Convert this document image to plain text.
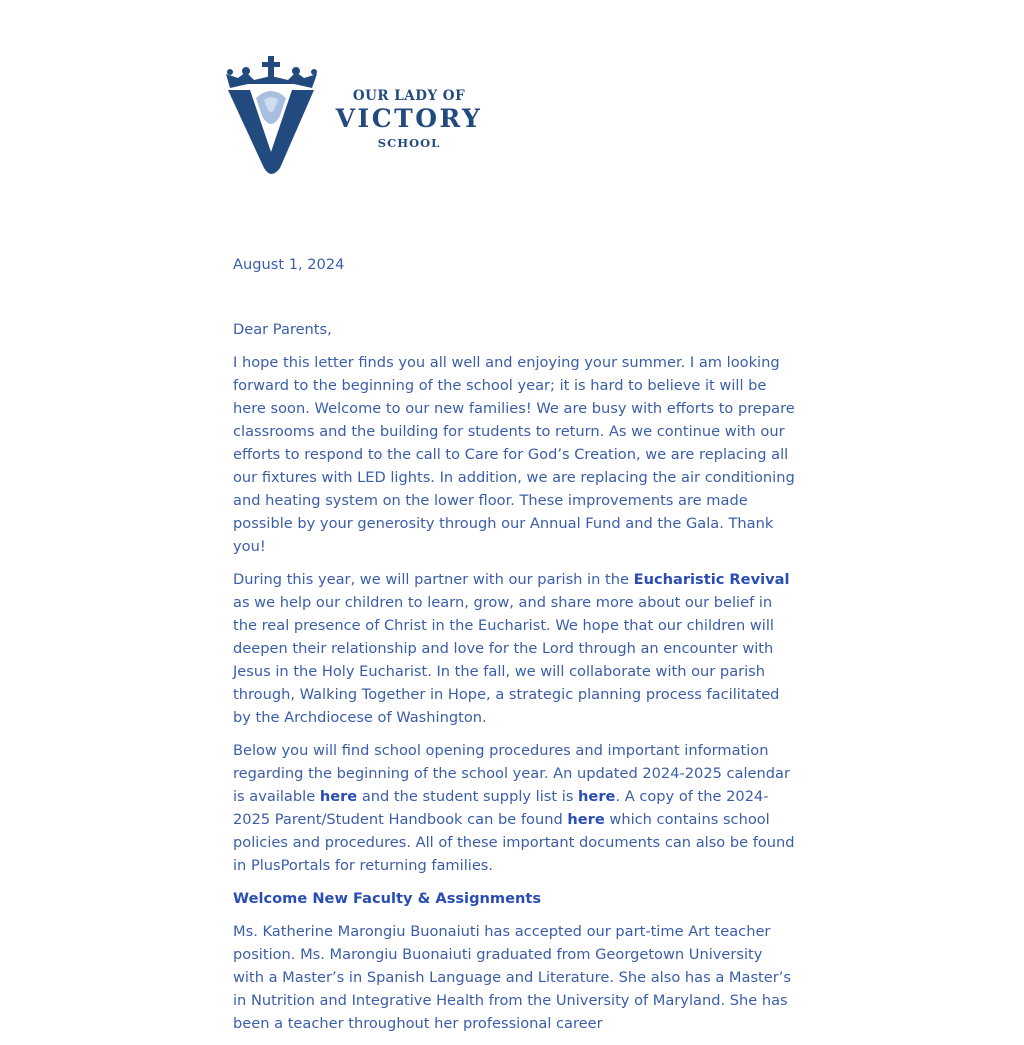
OUR LADY OF
VICTORY
SCHOOL

August 1, 2024

Dear Parents,

I hope this letter finds you all well and enjoying your summer. I am looking forward to the beginning of the school year; it is hard to believe it will be here soon. Welcome to our new families! We are busy with efforts to prepare classrooms and the building for students to return. As we continue with our efforts to respond to the call to Care for God’s Creation, we are replacing all our fixtures with LED lights. In addition, we are replacing the air conditioning and heating system on the lower floor. These improvements are made possible by your generosity through our Annual Fund and the Gala. Thank you!

During this year, we will partner with our parish in the Eucharistic Revival as we help our children to learn, grow, and share more about our belief in the real presence of Christ in the Eucharist. We hope that our children will deepen their relationship and love for the Lord through an encounter with Jesus in the Holy Eucharist. In the fall, we will collaborate with our parish through, Walking Together in Hope, a strategic planning process facilitated by the Archdiocese of Washington.

Below you will find school opening procedures and important information regarding the beginning of the school year. An updated 2024-2025 calendar is available here and the student supply list is here. A copy of the 2024-2025 Parent/Student Handbook can be found here which contains school policies and procedures. All of these important documents can also be found in PlusPortals for returning families.

Welcome New Faculty & Assignments

Ms. Katherine Marongiu Buonaiuti has accepted our part-time Art teacher position. Ms. Marongiu Buonaiuti graduated from Georgetown University with a Master’s in Spanish Language and Literature. She also has a Master’s in Nutrition and Integrative Health from the University of Maryland. She has been a teacher throughout her professional career
